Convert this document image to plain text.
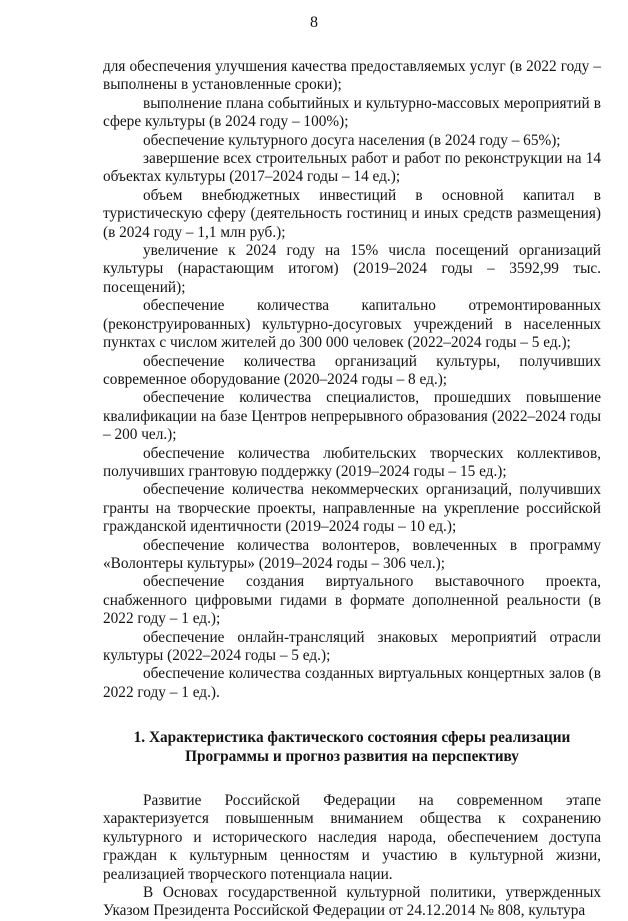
8

для обеспечения улучшения качества предоставляемых услуг (в 2022 году – выполнены в установленные сроки);

выполнение плана событийных и культурно-массовых мероприятий в сфере культуры (в 2024 году – 100%);

обеспечение культурного досуга населения (в 2024 году – 65%);

завершение всех строительных работ и работ по реконструкции на 14 объектах культуры (2017–2024 годы – 14 ед.);

объем внебюджетных инвестиций в основной капитал в туристическую сферу (деятельность гостиниц и иных средств размещения) (в 2024 году – 1,1 млн руб.);

увеличение к 2024 году на 15% числа посещений организаций культуры (нарастающим итогом) (2019–2024 годы – 3592,99 тыс. посещений);

обеспечение количества капитально отремонтированных (реконструированных) культурно-досуговых учреждений в населенных пунктах с числом жителей до 300 000 человек (2022–2024 годы – 5 ед.);

обеспечение количества организаций культуры, получивших современное оборудование (2020–2024 годы – 8 ед.);

обеспечение количества специалистов, прошедших повышение квалификации на базе Центров непрерывного образования (2022–2024 годы – 200 чел.);

обеспечение количества любительских творческих коллективов, получивших грантовую поддержку (2019–2024 годы – 15 ед.);

обеспечение количества некоммерческих организаций, получивших гранты на творческие проекты, направленные на укрепление российской гражданской идентичности (2019–2024 годы – 10 ед.);

обеспечение количества волонтеров, вовлеченных в программу «Волонтеры культуры» (2019–2024 годы – 306 чел.);

обеспечение создания виртуального выставочного проекта, снабженного цифровыми гидами в формате дополненной реальности (в 2022 году – 1 ед.);

обеспечение онлайн-трансляций знаковых мероприятий отрасли культуры (2022–2024 годы – 5 ед.);

обеспечение количества созданных виртуальных концертных залов (в 2022 году – 1 ед.).

1. Характеристика фактического состояния сферы реализации
Программы и прогноз развития на перспективу

Развитие Российской Федерации на современном этапе характеризуется повышенным вниманием общества к сохранению культурного и исторического наследия народа, обеспечением доступа граждан к культурным ценностям и участию в культурной жизни, реализацией творческого потенциала нации.

В Основах государственной культурной политики, утвержденных Указом Президента Российской Федерации от 24.12.2014 № 808, культура
